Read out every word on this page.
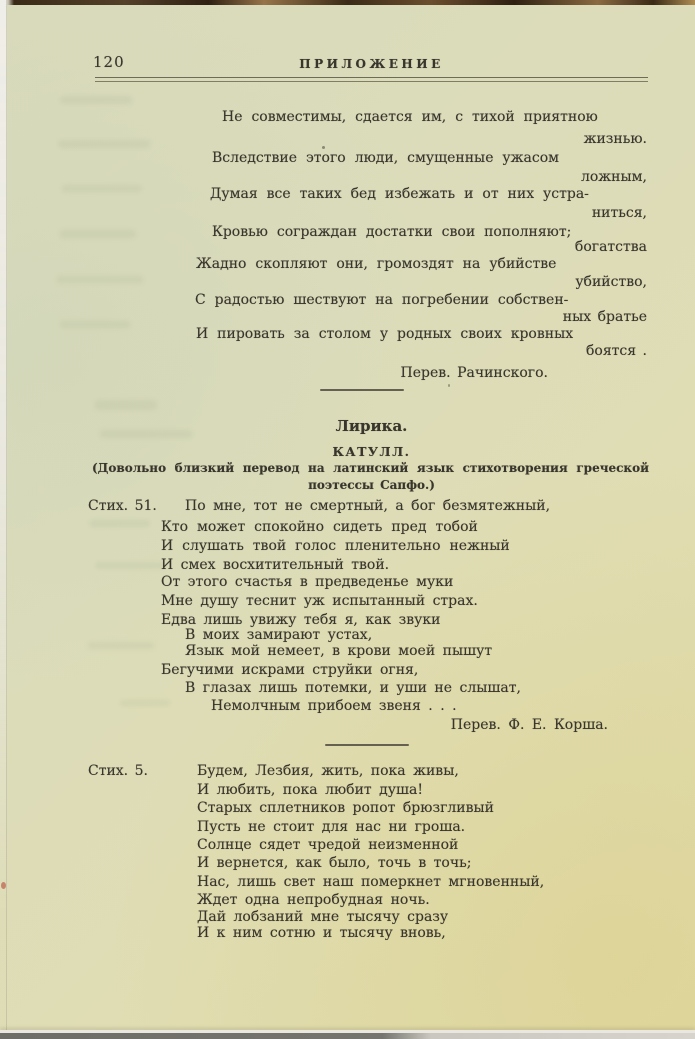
120	ПРИЛОЖЕНИЕ
Не совместимы, сдается им, с тихой приятною
жизнью.
Вследствие этого люди, смущенные ужасом
ложным,
Думая все таких бед избежать и от них устра-
ниться,
Кровью сограждан достатки свои пополняют;
богатства
Жадно скопляют они, громоздят на убийстве
убийство,
С радостью шествуют на погребении собствен-
ных братье
И пировать за столом у родных своих кровных
боятся .
Перев. Рачинского.
Лирика.
КАТУЛЛ.
(Довольно близкий перевод на латинский язык стихотворения греческой
поэтессы Сапфо.)
Стих. 51. По мне, тот не смертный, а бог безмятежный,
Кто может спокойно сидеть пред тобой
И слушать твой голос пленительно нежный
И смех восхитительный твой.
От этого счастья в предведенье муки
Мне душу теснит уж испытанный страх.
Едва лишь увижу тебя я, как звуки
В моих замирают устах,
Язык мой немеет, в крови моей пышут
Бегучими искрами струйки огня,
В глазах лишь потемки, и уши не слышат,
Немолчным прибоем звеня . . .
Перев. Ф. Е. Корша.
Стих. 5.	Будем, Лезбия, жить, пока живы,
И любить, пока любит душа!
Старых сплетников ропот брюзгливый
Пусть не стоит для нас ни гроша.
Солнце сядет чредой неизменной
И вернется, как было, точь в точь;
Нас, лишь свет наш померкнет мгновенный,
Ждет одна непробудная ночь.
Дай лобзаний мне тысячу сразу
И к ним сотню и тысячу вновь,
